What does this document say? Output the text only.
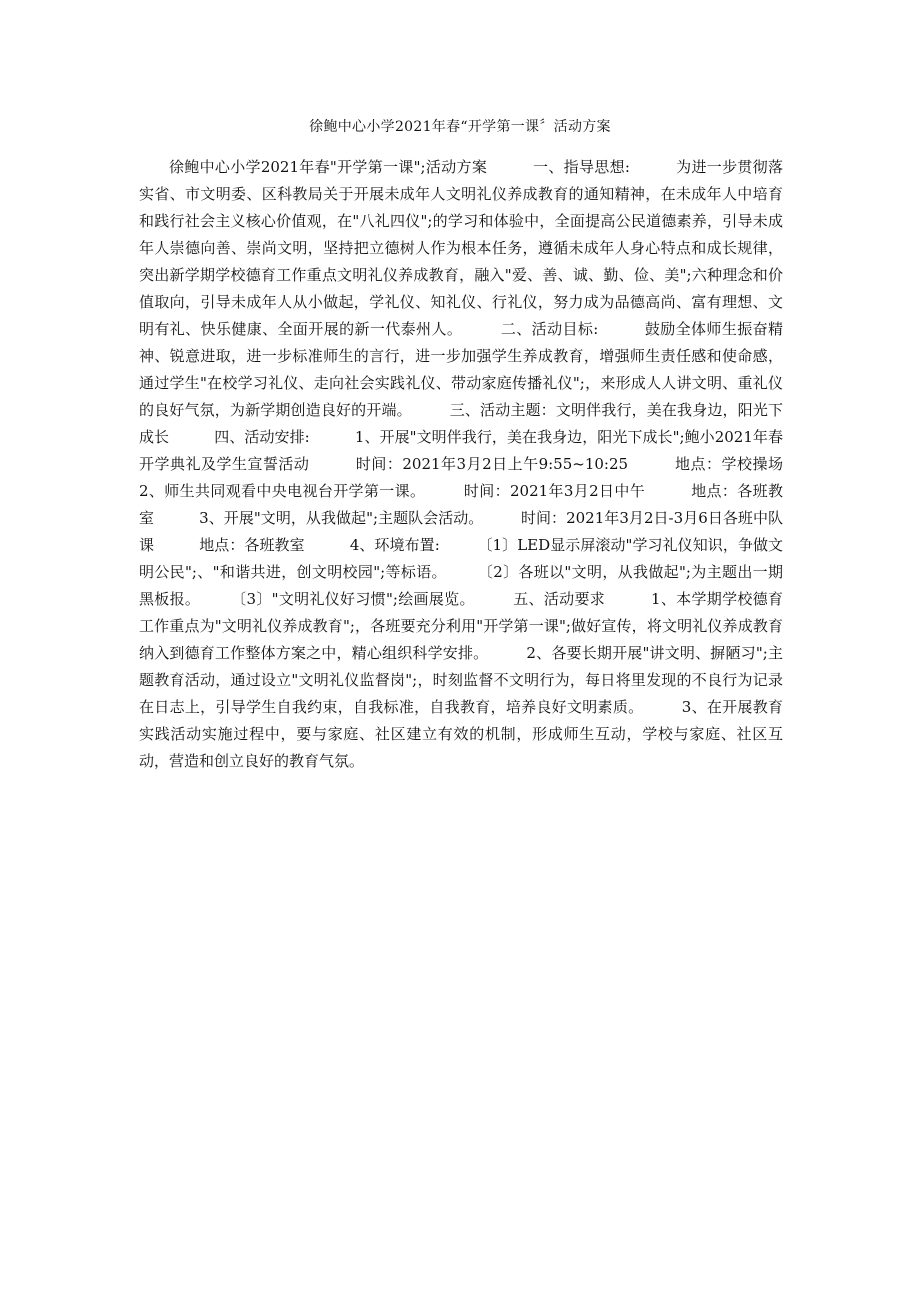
徐鲍中心小学2021年春“开学第一课〞活动方案

徐鲍中心小学2021年春"开学第一课";活动方案　　　一、指导思想:　　　为进一步贯彻落实省、市文明委、区科教局关于开展未成年人文明礼仪养成教育的通知精神，在未成年人中培育和践行社会主义核心价值观，在"八礼四仪";的学习和体验中，全面提高公民道德素养，引导未成年人崇德向善、崇尚文明，坚持把立德树人作为根本任务，遵循未成年人身心特点和成长规律，突出新学期学校德育工作重点文明礼仪养成教育，融入"爱、善、诚、勤、俭、美";六种理念和价值取向，引导未成年人从小做起，学礼仪、知礼仪、行礼仪，努力成为品德高尚、富有理想、文明有礼、快乐健康、全面开展的新一代泰州人。　　　二、活动目标:　　　鼓励全体师生振奋精神、锐意进取，进一步标准师生的言行，进一步加强学生养成教育，增强师生责任感和使命感，通过学生"在校学习礼仪、走向社会实践礼仪、带动家庭传播礼仪";，来形成人人讲文明、重礼仪的良好气氛，为新学期创造良好的开端。　　　三、活动主题：文明伴我行，美在我身边，阳光下成长　　　四、活动安排:　　　1、开展"文明伴我行，美在我身边，阳光下成长";鲍小2021年春开学典礼及学生宣誓活动　　　时间：2021年3月2日上午9:55~10:25　　　地点：学校操场　　　2、师生共同观看中央电视台开学第一课。　　　时间：2021年3月2日中午　　　地点：各班教室　　　3、开展"文明，从我做起";主题队会活动。　　　时间：2021年3月2日-3月6日各班中队课　　　地点：各班教室　　　4、环境布置:　　　〔1〕LED显示屏滚动"学习礼仪知识，争做文明公民";、"和谐共进，创文明校园";等标语。　　　〔2〕各班以"文明，从我做起";为主题出一期黑板报。　　　〔3〕"文明礼仪好习惯";绘画展览。　　　五、活动要求　　　1、本学期学校德育工作重点为"文明礼仪养成教育";，各班要充分利用"开学第一课";做好宣传，将文明礼仪养成教育纳入到德育工作整体方案之中，精心组织科学安排。　　　2、各要长期开展"讲文明、摒陋习";主题教育活动，通过设立"文明礼仪监督岗";，时刻监督不文明行为，每日将里发现的不良行为记录在日志上，引导学生自我约束，自我标准，自我教育，培养良好文明素质。　　　3、在开展教育实践活动实施过程中，要与家庭、社区建立有效的机制，形成师生互动，学校与家庭、社区互动，营造和创立良好的教育气氛。
